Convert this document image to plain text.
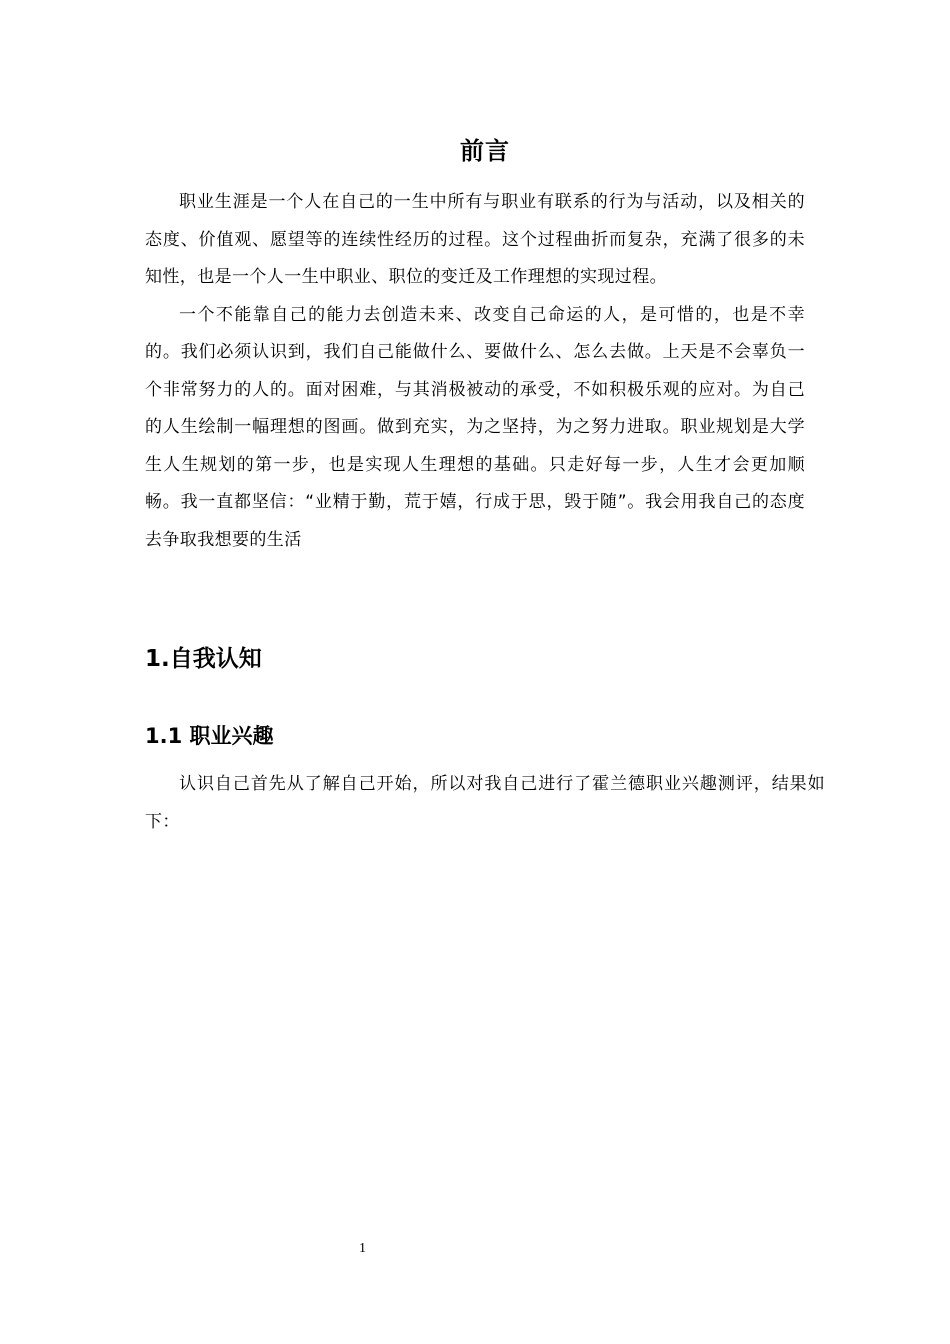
前言

职业生涯是一个人在自己的一生中所有与职业有联系的行为与活动，以及相关的态度、价值观、愿望等的连续性经历的过程。这个过程曲折而复杂，充满了很多的未知性，也是一个人一生中职业、职位的变迁及工作理想的实现过程。

一个不能靠自己的能力去创造未来、改变自己命运的人，是可惜的，也是不幸的。我们必须认识到，我们自己能做什么、要做什么、怎么去做。上天是不会辜负一个非常努力的人的。面对困难，与其消极被动的承受，不如积极乐观的应对。为自己的人生绘制一幅理想的图画。做到充实，为之坚持，为之努力进取。职业规划是大学生人生规划的第一步，也是实现人生理想的基础。只走好每一步，人生才会更加顺畅。我一直都坚信：“业精于勤，荒于嬉，行成于思，毁于随”。我会用我自己的态度去争取我想要的生活

1.自我认知
1.1 职业兴趣

认识自己首先从了解自己开始，所以对我自己进行了霍兰德职业兴趣测评，结果如下：

1
